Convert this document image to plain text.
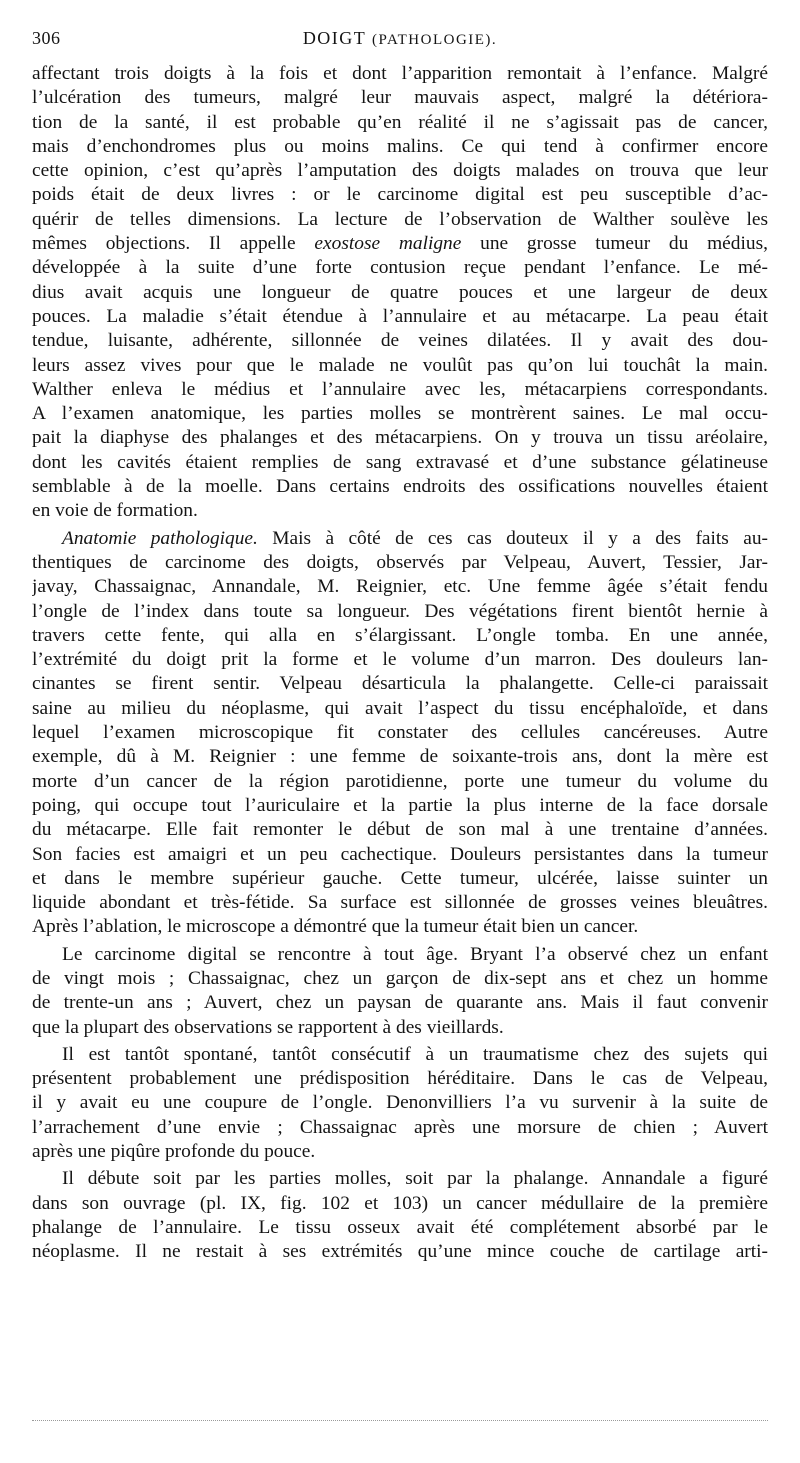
306	DOIGT (PATHOLOGIE).
affectant trois doigts à la fois et dont l’apparition remontait à l’enfance. Malgré
l’ulcération des tumeurs, malgré leur mauvais aspect, malgré la détériora-
tion de la santé, il est probable qu’en réalité il ne s’agissait pas de cancer,
mais d’enchondromes plus ou moins malins. Ce qui tend à confirmer encore
cette opinion, c’est qu’après l’amputation des doigts malades on trouva que leur
poids était de deux livres : or le carcinome digital est peu susceptible d’ac-
quérir de telles dimensions. La lecture de l’observation de Walther soulève les
mêmes objections. Il appelle exostose maligne une grosse tumeur du médius,
développée à la suite d’une forte contusion reçue pendant l’enfance. Le mé-
dius avait acquis une longueur de quatre pouces et une largeur de deux
pouces. La maladie s’était étendue à l’annulaire et au métacarpe. La peau était
tendue, luisante, adhérente, sillonnée de veines dilatées. Il y avait des dou-
leurs assez vives pour que le malade ne voulût pas qu’on lui touchât la main.
Walther enleva le médius et l’annulaire avec les, métacarpiens correspondants.
A l’examen anatomique, les parties molles se montrèrent saines. Le mal occu-
pait la diaphyse des phalanges et des métacarpiens. On y trouva un tissu aréolaire,
dont les cavités étaient remplies de sang extravasé et d’une substance gélatineuse
semblable à de la moelle. Dans certains endroits des ossifications nouvelles étaient
en voie de formation.
Anatomie pathologique. Mais à côté de ces cas douteux il y a des faits au-
thentiques de carcinome des doigts, observés par Velpeau, Auvert, Tessier, Jar-
javay, Chassaignac, Annandale, M. Reignier, etc. Une femme âgée s’était fendu
l’ongle de l’index dans toute sa longueur. Des végétations firent bientôt hernie à
travers cette fente, qui alla en s’élargissant. L’ongle tomba. En une année,
l’extrémité du doigt prit la forme et le volume d’un marron. Des douleurs lan-
cinantes se firent sentir. Velpeau désarticula la phalangette. Celle-ci paraissait
saine au milieu du néoplasme, qui avait l’aspect du tissu encéphaloïde, et dans
lequel l’examen microscopique fit constater des cellules cancéreuses. Autre
exemple, dû à M. Reignier : une femme de soixante-trois ans, dont la mère est
morte d’un cancer de la région parotidienne, porte une tumeur du volume du
poing, qui occupe tout l’auriculaire et la partie la plus interne de la face dorsale
du métacarpe. Elle fait remonter le début de son mal à une trentaine d’années.
Son facies est amaigri et un peu cachectique. Douleurs persistantes dans la tumeur
et dans le membre supérieur gauche. Cette tumeur, ulcérée, laisse suinter un
liquide abondant et très-fétide. Sa surface est sillonnée de grosses veines bleuâtres.
Après l’ablation, le microscope a démontré que la tumeur était bien un cancer.
Le carcinome digital se rencontre à tout âge. Bryant l’a observé chez un enfant
de vingt mois ; Chassaignac, chez un garçon de dix-sept ans et chez un homme
de trente-un ans ; Auvert, chez un paysan de quarante ans. Mais il faut convenir
que la plupart des observations se rapportent à des vieillards.
Il est tantôt spontané, tantôt consécutif à un traumatisme chez des sujets qui
présentent probablement une prédisposition héréditaire. Dans le cas de Velpeau,
il y avait eu une coupure de l’ongle. Denonvilliers l’a vu survenir à la suite de
l’arrachement d’une envie ; Chassaignac après une morsure de chien ; Auvert
après une piqûre profonde du pouce.
Il débute soit par les parties molles, soit par la phalange. Annandale a figuré
dans son ouvrage (pl. IX, fig. 102 et 103) un cancer médullaire de la première
phalange de l’annulaire. Le tissu osseux avait été complétement absorbé par le
néoplasme. Il ne restait à ses extrémités qu’une mince couche de cartilage arti-
